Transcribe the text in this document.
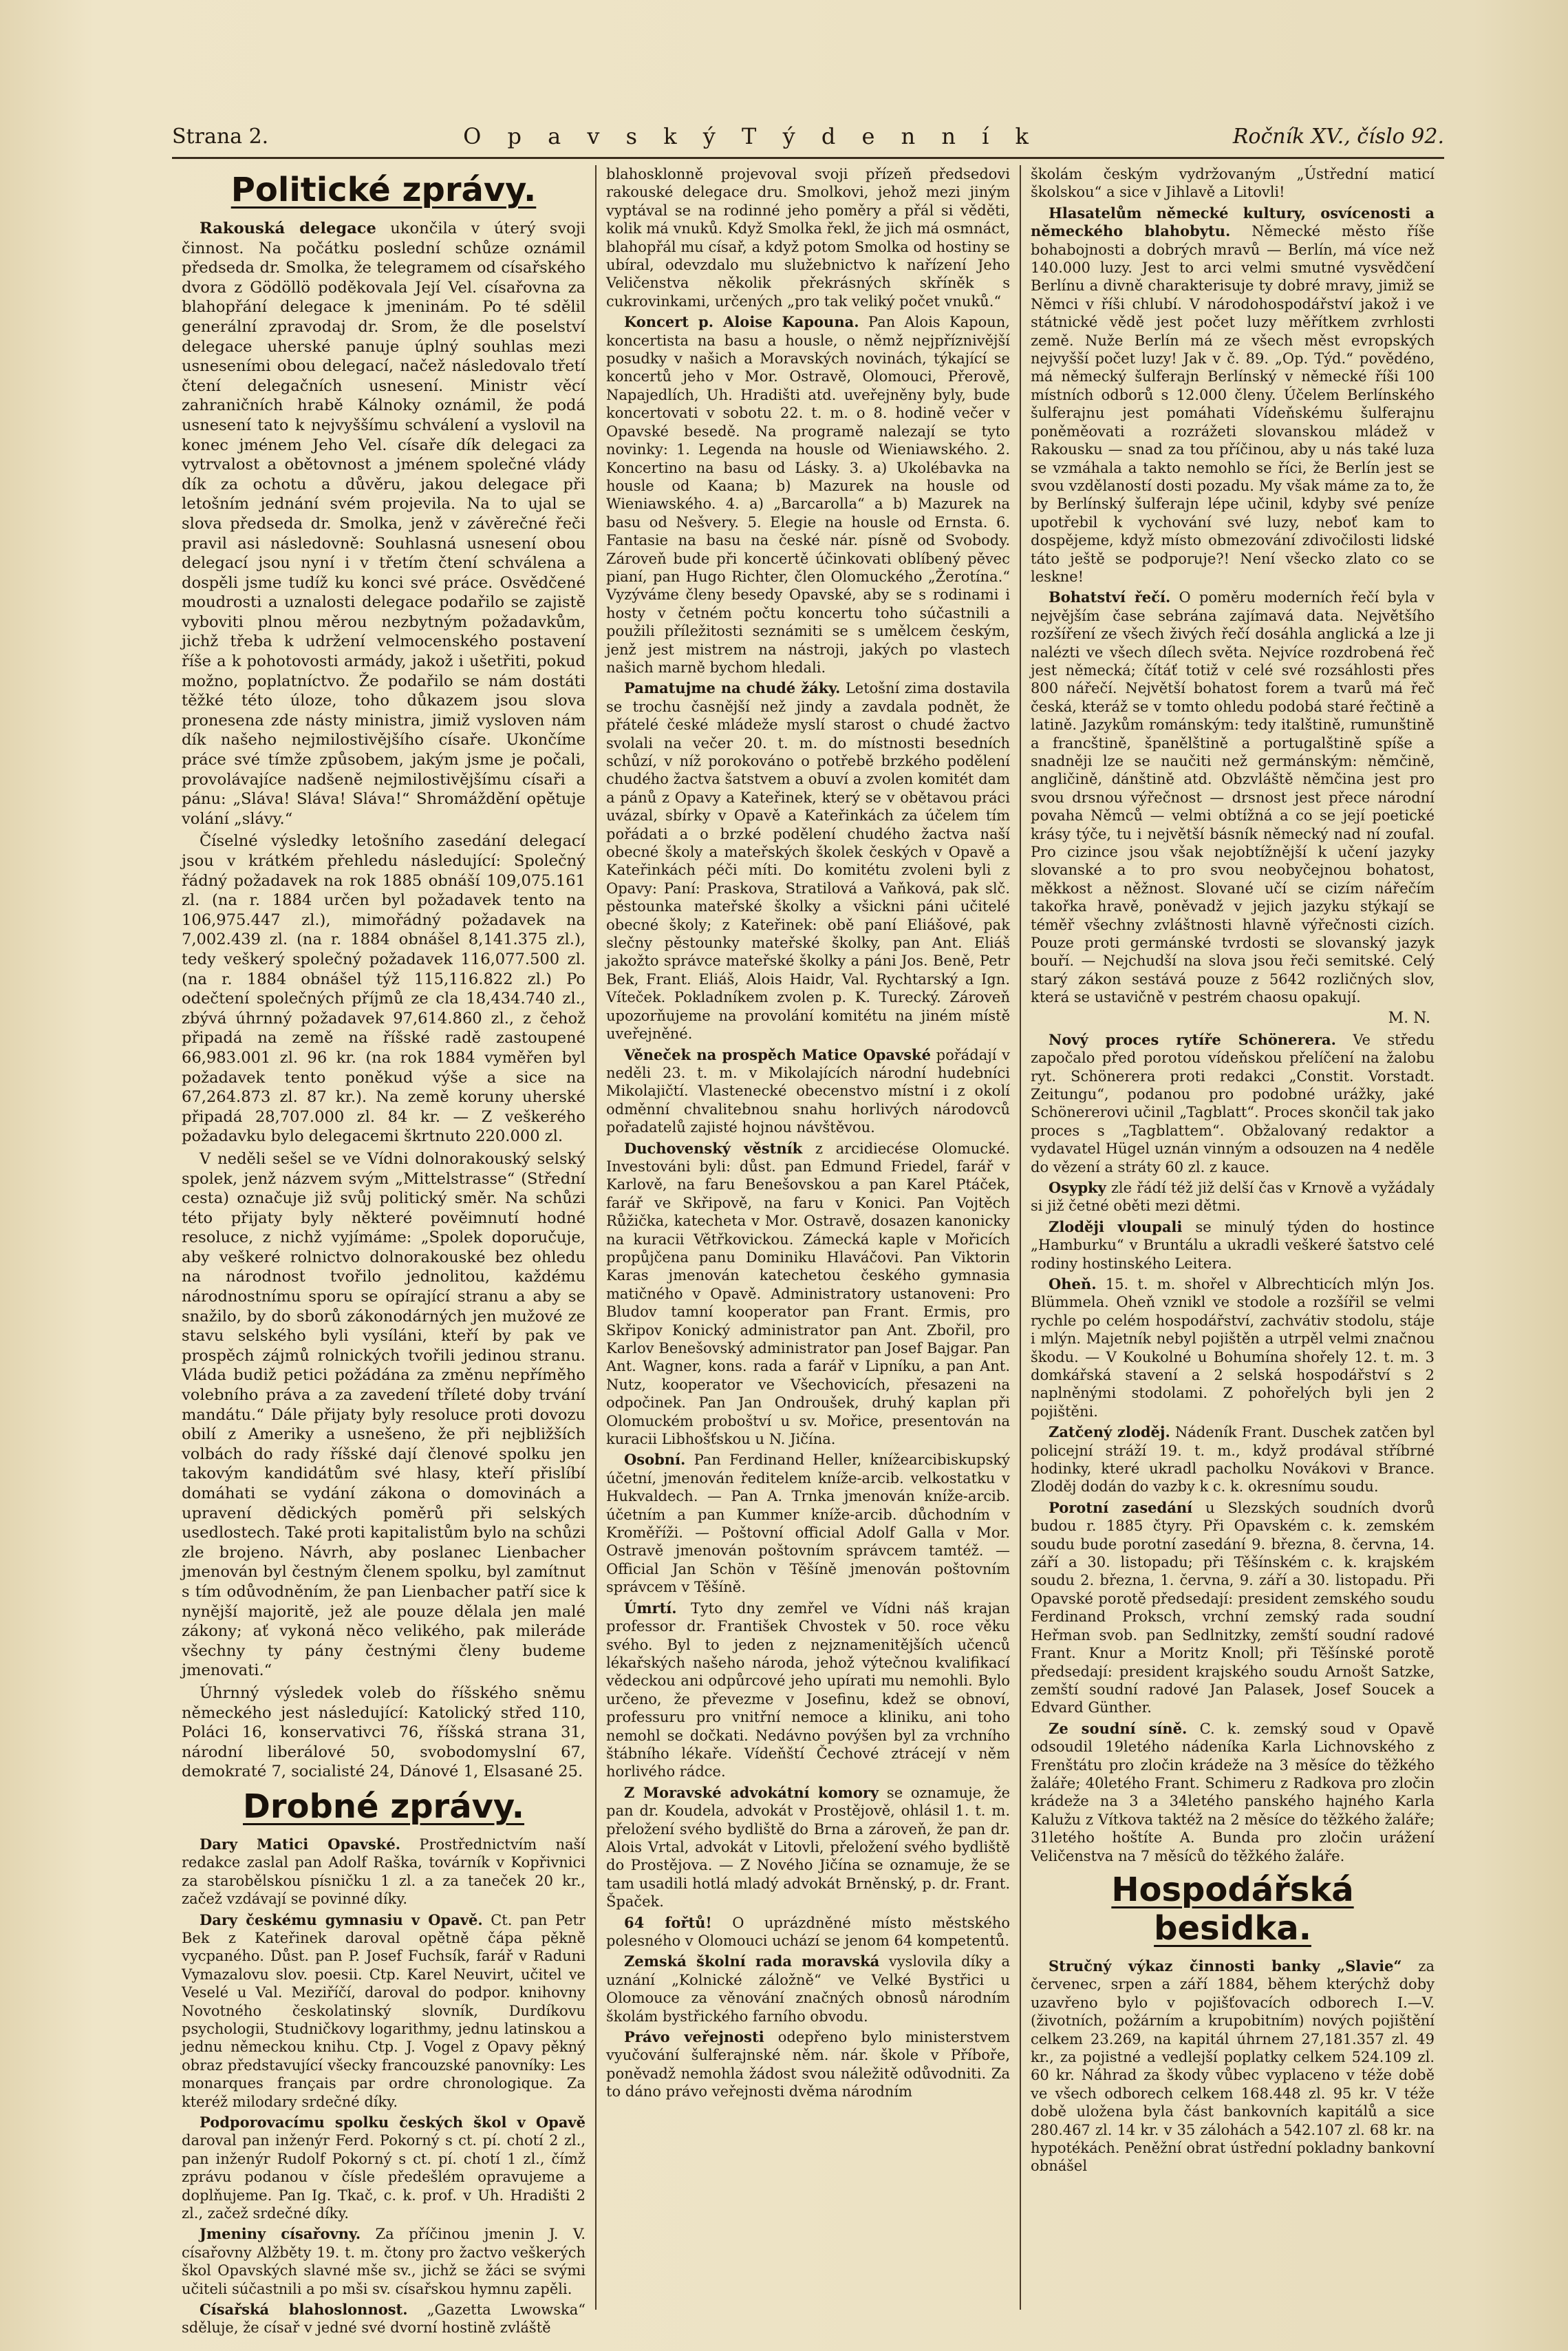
Strana 2.	O p a v s k ý T ý d e n n í k	Ročník XV., číslo 92.
Politické zprávy.

Rakouská delegace ukončila v úterý svoji činnost. Na počátku poslední schůze oznámil předseda dr. Smolka, že telegramem od císařského dvora z Gödöllö poděkovala Její Vel. císařovna za blahopřání delegace k jmeninám. Po té sdělil generální zpravodaj dr. Srom, že dle poselství delegace uherské panuje úplný souhlas mezi usneseními obou delegací, načež následovalo třetí čtení delegačních usnesení. Ministr věcí zahraničních hrabě Kálnoky oznámil, že podá usnesení tato k nejvyššímu schválení a vyslovil na konec jménem Jeho Vel. císaře dík delegaci za vytrvalost a obětovnost a jménem společné vlády dík za ochotu a důvěru, jakou delegace při letošním jednání svém projevila. Na to ujal se slova předseda dr. Smolka, jenž v závěrečné řeči pravil asi následovně: Souhlasná usnesení obou delegací jsou nyní i v třetím čtení schválena a dospěli jsme tudíž ku konci své práce. Osvědčené moudrosti a uznalosti delegace podařilo se zajistě vyboviti plnou měrou nezbytným požadavkům, jichž třeba k udržení velmocenského postavení říše a k pohotovosti armády, jakož i ušetřiti, pokud možno, poplatníctvo. Že podařilo se nám dostáti těžké této úloze, toho důkazem jsou slova pronesena zde násty ministra, jimiž vysloven nám dík našeho nejmilostivějšího císaře. Ukončíme práce své tímže způsobem, jakým jsme je počali, provolávajíce nadšeně nejmilostivějšímu císaři a pánu: „Sláva! Sláva! Sláva!“ Shromáždění opětuje volání „slávy.“

Číselné výsledky letošního zasedání delegací jsou v krátkém přehledu následující: Společný řádný požadavek na rok 1885 obnáší 109,075.161 zl. (na r. 1884 určen byl požadavek tento na 106,975.447 zl.), mimořádný požadavek na 7,002.439 zl. (na r. 1884 obnášel 8,141.375 zl.), tedy veškerý společný požadavek 116,077.500 zl. (na r. 1884 obnášel týž 115,116.822 zl.) Po odečtení společných příjmů ze cla 18,434.740 zl., zbývá úhrnný požadavek 97,614.860 zl., z čehož připadá na země na říšské radě zastoupené 66,983.001 zl. 96 kr. (na rok 1884 vyměřen byl požadavek tento poněkud výše a sice na 67,264.873 zl. 87 kr.). Na země koruny uherské připadá 28,707.000 zl. 84 kr. — Z veškerého požadavku bylo delegacemi škrtnuto 220.000 zl.

V neděli sešel se ve Vídni dolnorakouský selský spolek, jenž názvem svým „Mittelstrasse“ (Střední cesta) označuje již svůj politický směr. Na schůzi této přijaty byly některé pověimnutí hodné resoluce, z nichž vyjímáme: „Spolek doporučuje, aby veškeré rolnictvo dolnorakouské bez ohledu na národnost tvořilo jednolitou, každému národnostnímu sporu se opírající stranu a aby se snažilo, by do sborů zákonodárných jen mužové ze stavu selského byli vysíláni, kteří by pak ve prospěch zájmů rolnických tvořili jedinou stranu. Vláda budiž petici požádána za změnu nepříměho volebního práva a za zavedení tříleté doby trvání mandátu.“ Dále přijaty byly resoluce proti dovozu obilí z Ameriky a usnešeno, že při nejbližších volbách do rady říšské dají členové spolku jen takovým kandidátům své hlasy, kteří přislíbí domáhati se vydání zákona o domovinách a upravení dědických poměrů při selských usedlostech. Také proti kapitalistům bylo na schůzi zle brojeno. Návrh, aby poslanec Lienbacher jmenován byl čestným členem spolku, byl zamítnut s tím odůvodněním, že pan Lienbacher patří sice k nynější majoritě, jež ale pouze dělala jen malé zákony; ať vykoná něco velikého, pak mileráde všechny ty pány čestnými členy budeme jmenovati.“

Úhrnný výsledek voleb do říšského sněmu německého jest následující: Katolický střed 110, Poláci 16, konservativci 76, říšská strana 31, národní liberálové 50, svobodomyslní 67, demokraté 7, socialisté 24, Dánové 1, Elsasané 25.

Drobné zprávy.

Dary Matici Opavské. Prostřednictvím naší redakce zaslal pan Adolf Raška, továrník v Kopřivnici za starobělskou písničku 1 zl. a za taneček 20 kr., začež vzdávají se povinné díky.

Dary českému gymnasiu v Opavě. Ct. pan Petr Bek z Kateřinek daroval opětně čápa pěkně vycpaného. Důst. pan P. Josef Fuchsík, farář v Raduni Vymazalovu slov. poesii. Ctp. Karel Neuvirt, učitel ve Veselé u Val. Meziříčí, daroval do podpor. knihovny Novotného českolatinský slovník, Durdíkovu psychologii, Studničkovy logarithmy, jednu latinskou a jednu německou knihu. Ctp. J. Vogel z Opavy pěkný obraz představující všecky francouzské panovníky: Les monarques français par ordre chronologique. Za kteréž milodary srdečné díky.

Podporovacímu spolku českých škol v Opavě daroval pan inženýr Ferd. Pokorný s ct. pí. chotí 2 zl., pan inženýr Rudolf Pokorný s ct. pí. chotí 1 zl., čímž zprávu podanou v čísle předešlém opravujeme a doplňujeme. Pan Ig. Tkač, c. k. prof. v Uh. Hradišti 2 zl., začež srdečné díky.

Jmeniny císařovny. Za příčinou jmenin J. V. císařovny Alžběty 19. t. m. čtony pro žactvo veškerých škol Opavských slavné mše sv., jichž se žáci se svými učiteli súčastnili a po mši sv. císařskou hymnu zapěli.

Císařská blahoslonnost. „Gazetta Lwowska“ sděluje, že císař v jedné své dvorní hostině zvláště

blahosklonně projevoval svoji přízeň předsedovi rakouské delegace dru. Smolkovi, jehož mezi jiným vyptával se na rodinné jeho poměry a přál si věděti, kolik má vnuků. Když Smolka řekl, že jich má osmnáct, blahopřál mu císař, a když potom Smolka od hostiny se ubíral, odevzdalo mu služebnictvo k nařízení Jeho Veličenstva několik překrásných skříněk s cukrovinkami, určených „pro tak veliký počet vnuků.“

Koncert p. Aloise Kapouna. Pan Alois Kapoun, koncertista na basu a housle, o němž nejpříznivější posudky v našich a Moravských novinách, týkající se koncertů jeho v Mor. Ostravě, Olomouci, Přerově, Napajedlích, Uh. Hradišti atd. uveřejněny byly, bude koncertovati v sobotu 22. t. m. o 8. hodině večer v Opavské besedě. Na programě nalezají se tyto novinky: 1. Legenda na housle od Wieniawského. 2. Koncertino na basu od Lásky. 3. a) Ukolébavka na housle od Kaana; b) Mazurek na housle od Wieniawského. 4. a) „Barcarolla“ a b) Mazurek na basu od Nešvery. 5. Elegie na housle od Ernsta. 6. Fantasie na basu na české nár. písně od Svobody. Zároveň bude při koncertě účinkovati oblíbený pěvec pianí, pan Hugo Richter, člen Olomuckého „Žerotína.“ Vyzýváme členy besedy Opavské, aby se s rodinami i hosty v četném počtu koncertu toho súčastnili a použili příležitosti seznámiti se s umělcem českým, jenž jest mistrem na nástroji, jakých po vlastech našich marně bychom hledali.

Pamatujme na chudé žáky. Letošní zima dostavila se trochu časnější než jindy a zavdala podnět, že přátelé české mládeže myslí starost o chudé žactvo svolali na večer 20. t. m. do místnosti besedních schůzí, v níž porokováno o potřebě brzkého podělení chudého žactva šatstvem a obuví a zvolen komitét dam a pánů z Opavy a Kateřinek, který se v obětavou práci uvázal, sbírky v Opavě a Kateřinkách za účelem tím pořádati a o brzké podělení chudého žactva naší obecné školy a mateřských školek českých v Opavě a Kateřinkách péči míti. Do komitétu zvoleni byli z Opavy: Paní: Praskova, Stratilová a Vaňková, pak slč. pěstounka mateřské školky a všickni páni učitelé obecné školy; z Kateřinek: obě paní Eliášové, pak slečny pěstounky mateřské školky, pan Ant. Eliáš jakožto správce mateřské školky a páni Jos. Beně, Petr Bek, Frant. Eliáš, Alois Haidr, Val. Rychtarský a Ign. Víteček. Pokladníkem zvolen p. K. Turecký. Zároveň upozorňujeme na provolání komitétu na jiném místě uveřejněné.

Věneček na prospěch Matice Opavské pořádají v neděli 23. t. m. v Mikolajících národní hudebníci Mikolajičtí. Vlastenecké obecenstvo místní i z okolí odměnní chvalitebnou snahu horlivých národovců pořadatelů zajisté hojnou návštěvou.

Duchovenský věstník z arcidiecése Olomucké. Investováni byli: důst. pan Edmund Friedel, farář v Karlově, na faru Benešovskou a pan Karel Ptáček, farář ve Skřipově, na faru v Konici. Pan Vojtěch Růžička, katecheta v Mor. Ostravě, dosazen kanonicky na kuracii Větřkovickou. Zámecká kaple v Mořicích propůjčena panu Dominiku Hlaváčovi. Pan Viktorin Karas jmenován katechetou českého gymnasia matičného v Opavě. Administratory ustanoveni: Pro Bludov tamní kooperator pan Frant. Ermis, pro Skřipov Konický administrator pan Ant. Zbořil, pro Karlov Benešovský administrator pan Josef Bajgar. Pan Ant. Wagner, kons. rada a farář v Lipníku, a pan Ant. Nutz, kooperator ve Všechovicích, přesazeni na odpočinek. Pan Jan Ondroušek, druhý kaplan při Olomuckém proboštví u sv. Mořice, presentován na kuracii Libhošťskou u N. Jičína.

Osobní. Pan Ferdinand Heller, knížearcibiskupský účetní, jmenován ředitelem kníže-arcib. velkostatku v Hukvaldech. — Pan A. Trnka jmenován kníže-arcib. účetním a pan Kummer kníže-arcib. důchodním v Kroměříži. — Poštovní official Adolf Galla v Mor. Ostravě jmenován poštovním správcem tamtéž. — Official Jan Schön v Těšíně jmenován poštovním správcem v Těšíně.

Úmrtí. Tyto dny zemřel ve Vídni náš krajan professor dr. František Chvostek v 50. roce věku svého. Byl to jeden z nejznamenitějších učenců lékařských našeho národa, jehož výtečnou kvalifikací vědeckou ani odpůrcové jeho upírati mu nemohli. Bylo určeno, že převezme v Josefinu, kdež se obnoví, professuru pro vnitřní nemoce a kliniku, ani toho nemohl se dočkati. Nedávno povýšen byl za vrchního štábního lékaře. Vídeňští Čechové ztrácejí v něm horlivého rádce.

Z Moravské advokátní komory se oznamuje, že pan dr. Koudela, advokát v Prostějově, ohlásil 1. t. m. přeložení svého bydliště do Brna a zároveň, že pan dr. Alois Vrtal, advokát v Litovli, přeložení svého bydliště do Prostějova. — Z Nového Jičína se oznamuje, že se tam usadili hotlá mladý advokát Brněnský, p. dr. Frant. Špaček.

64 fořtů! O uprázdněné místo městského polesného v Olomouci uchází se jenom 64 kompetentů.

Zemská školní rada moravská vyslovila díky a uznání „Kolnické záložně“ ve Velké Bystřici u Olomouce za věnování značných obnosů národním školám bystřického farního obvodu.

Právo veřejnosti odepřeno bylo ministerstvem vyučování šulferajnské něm. nár. škole v Příboře, poněvadž nemohla žádost svou náležitě odůvodniti. Za to dáno právo veřejnosti dvěma národním

školám českým vydržovaným „Ústřední maticí školskou“ a sice v Jihlavě a Litovli!

Hlasatelům německé kultury, osvícenosti a německého blahobytu. Německé město říše bohabojnosti a dobrých mravů — Berlín, má více než 140.000 luzy. Jest to arci velmi smutné vysvědčení Berlínu a divně charakterisuje ty dobré mravy, jimiž se Němci v říši chlubí. V národohospodářství jakož i ve státnické vědě jest počet luzy měřítkem zvrhlosti země. Nuže Berlín má ze všech měst evropských nejvyšší počet luzy! Jak v č. 89. „Op. Týd.“ povědéno, má německý šulferajn Berlínský v německé říši 100 místních odborů s 12.000 členy. Účelem Berlínského šulferajnu jest pomáhati Vídeňskému šulferajnu poněměovati a rozrážeti slovanskou mládež v Rakousku — snad za tou příčinou, aby u nás také luza se vzmáhala a takto nemohlo se říci, že Berlín jest se svou vzdělaností dosti pozadu. My však máme za to, že by Berlínský šulferajn lépe učinil, kdyby své peníze upotřebil k vychování své luzy, neboť kam to dospějeme, když místo obmezování zdivočilosti lidské táto ještě se podporuje?! Není všecko zlato co se leskne!

Bohatství řečí. O poměru moderních řečí byla v nejvějším čase sebrána zajímavá data. Největšího rozšíření ze všech živých řečí dosáhla anglická a lze ji nalézti ve všech dílech světa. Nejvíce rozdrobená řeč jest německá; čítáť totiž v celé své rozsáhlosti přes 800 nářečí. Největší bohatost forem a tvarů má řeč česká, kteráž se v tomto ohledu podobá staré řečtině a latině. Jazykům románským: tedy italštině, rumunštině a francštině, španělštině a portugalštině spíše a snadněji lze se naučiti než germánským: němčině, angličině, dánštině atd. Obzvláště němčina jest pro svou drsnou výřečnost — drsnost jest přece národní povaha Němců — velmi obtížná a co se její poetické krásy týče, tu i největší básník německý nad ní zoufal. Pro cizince jsou však nejobtížnější k učení jazyky slovanské a to pro svou neobyčejnou bohatost, měkkost a něžnost. Slované učí se cizím nářečím takořka hravě, poněvadž v jejich jazyku stýkají se téměř všechny zvláštnosti hlavně výřečnosti cizích. Pouze proti germánské tvrdosti se slovanský jazyk bouří. — Nejchudší na slova jsou řeči semitské. Celý starý zákon sestává pouze z 5642 rozličných slov, která se ustavičně v pestrém chaosu opakují.

M. N.

Nový proces rytíře Schönerera. Ve středu započalo před porotou vídeňskou přelíčení na žalobu ryt. Schönerera proti redakci „Constit. Vorstadt. Zeitungu“, podanou pro podobné urážky, jaké Schönererovi učinil „Tagblatt“. Proces skončil tak jako proces s „Tagblattem“. Obžalovaný redaktor a vydavatel Hügel uznán vinným a odsouzen na 4 neděle do vězení a stráty 60 zl. z kauce.

Osypky zle řádí též již delší čas v Krnově a vyžádaly si již četné oběti mezi dětmi.

Zloději vloupali se minulý týden do hostince „Hamburku“ v Bruntálu a ukradli veškeré šatstvo celé rodiny hostinského Leitera.

Oheň. 15. t. m. shořel v Albrechticích mlýn Jos. Blümmela. Oheň vznikl ve stodole a rozšířil se velmi rychle po celém hospodářství, zachvátiv stodolu, stáje i mlýn. Majetník nebyl pojištěn a utrpěl velmi značnou škodu. — V Koukolné u Bohumína shořely 12. t. m. 3 domkářská stavení a 2 selská hospodářství s 2 naplněnými stodolami. Z pohořelých byli jen 2 pojištěni.

Zatčený zloděj. Nádeník Frant. Duschek zatčen byl policejní stráží 19. t. m., když prodával stříbrné hodinky, které ukradl pacholku Novákovi v Brance. Zloděj dodán do vazby k c. k. okresnímu soudu.

Porotní zasedání u Slezských soudních dvorů budou r. 1885 čtyry. Při Opavském c. k. zemském soudu bude porotní zasedání 9. března, 8. června, 14. září a 30. listopadu; při Těšínském c. k. krajském soudu 2. března, 1. června, 9. září a 30. listopadu. Při Opavské porotě předsedají: president zemského soudu Ferdinand Proksch, vrchní zemský rada soudní Heřman svob. pan Sedlnitzky, zemští soudní radové Frant. Knur a Moritz Knoll; při Těšínské porotě předsedají: president krajského soudu Arnošt Satzke, zemští soudní radové Jan Palasek, Josef Soucek a Edvard Günther.

Ze soudní síně. C. k. zemský soud v Opavě odsoudil 19letého nádeníka Karla Lichnovského z Frenštátu pro zločin krádeže na 3 měsíce do těžkého žaláře; 40letého Frant. Schimeru z Radkova pro zločin krádeže na 3 a 34letého panského hajného Karla Kalužu z Vítkova taktéž na 2 měsíce do těžkého žaláře; 31letého hoštíte A. Bunda pro zločin urážení Veličenstva na 7 měsíců do těžkého žaláře.

Hospodářská besidka.

Stručný výkaz činnosti banky „Slavie“ za červenec, srpen a září 1884, během kterýchž doby uzavřeno bylo v pojišťovacích odborech I.—V. (životních, požárním a krupobitním) nových pojištění celkem 23.269, na kapitál úhrnem 27,181.357 zl. 49 kr., za pojistné a vedlejší poplatky celkem 524.109 zl. 60 kr. Náhrad za škody vůbec vyplaceno v téže době ve všech odborech celkem 168.448 zl. 95 kr. V téže době uložena byla část bankovních kapitálů a sice 280.467 zl. 14 kr. v 35 zálohách a 542.107 zl. 68 kr. na hypotékách. Peněžní obrat ústřední pokladny bankovní obnášel
